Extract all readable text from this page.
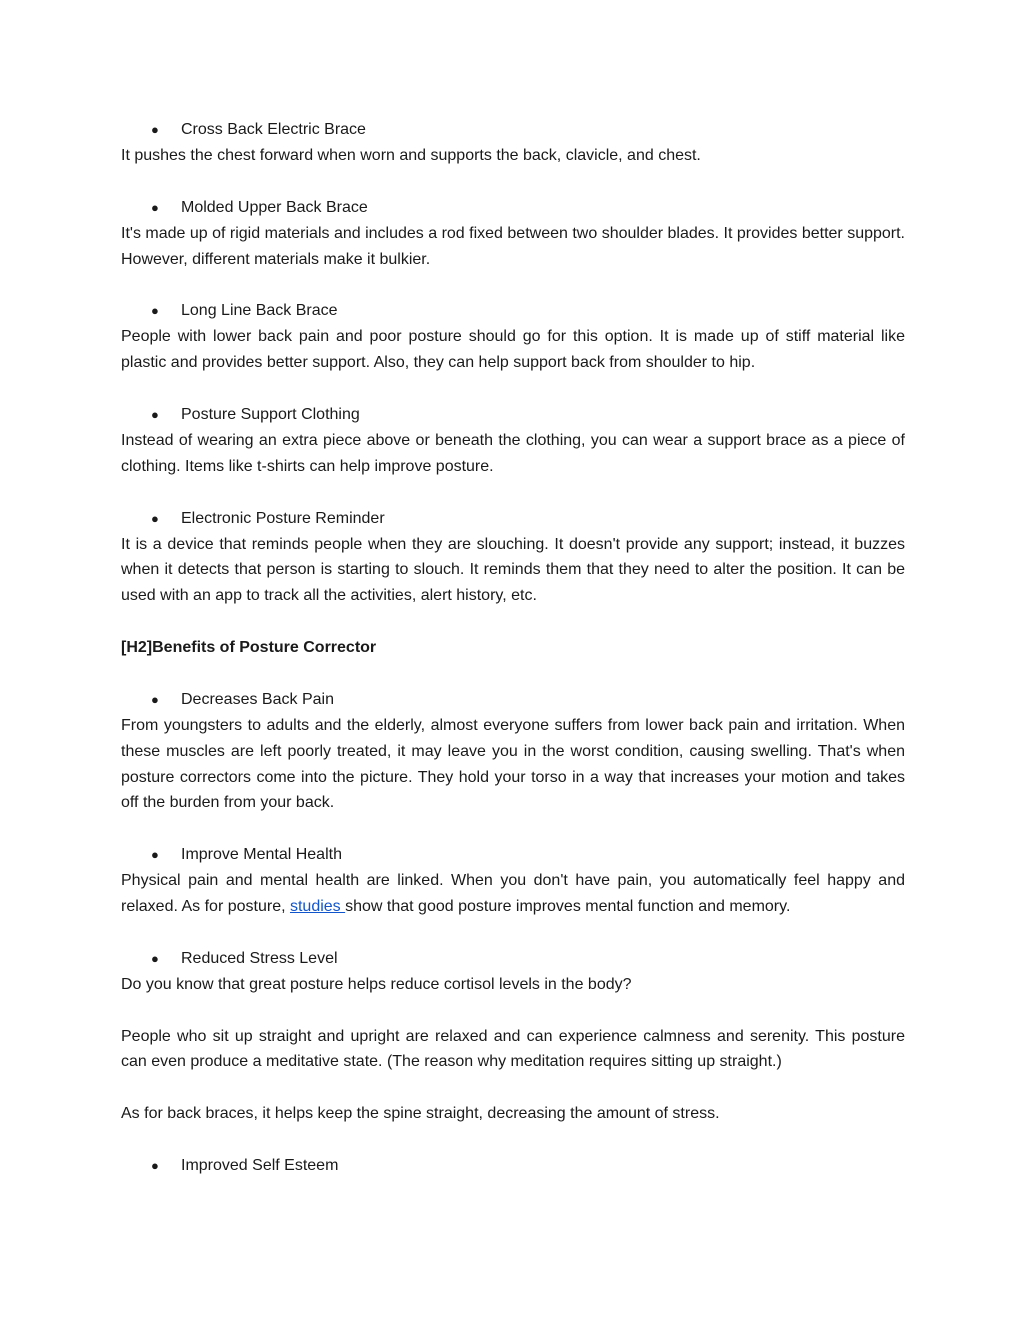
● Cross Back Electric Brace

It pushes the chest forward when worn and supports the back, clavicle, and chest.

● Molded Upper Back Brace

It's made up of rigid materials and includes a rod fixed between two shoulder blades. It provides better support. However, different materials make it bulkier.

● Long Line Back Brace

People with lower back pain and poor posture should go for this option. It is made up of stiff material like plastic and provides better support. Also, they can help support back from shoulder to hip.

● Posture Support Clothing

Instead of wearing an extra piece above or beneath the clothing, you can wear a support brace as a piece of clothing. Items like t-shirts can help improve posture.

● Electronic Posture Reminder

It is a device that reminds people when they are slouching. It doesn't provide any support; instead, it buzzes when it detects that person is starting to slouch. It reminds them that they need to alter the position. It can be used with an app to track all the activities, alert history, etc.

[H2]Benefits of Posture Corrector

● Decreases Back Pain

From youngsters to adults and the elderly, almost everyone suffers from lower back pain and irritation. When these muscles are left poorly treated, it may leave you in the worst condition, causing swelling. That's when posture correctors come into the picture. They hold your torso in a way that increases your motion and takes off the burden from your back.

● Improve Mental Health

Physical pain and mental health are linked. When you don't have pain, you automatically feel happy and relaxed. As for posture, studies show that good posture improves mental function and memory.

● Reduced Stress Level

Do you know that great posture helps reduce cortisol levels in the body?

People who sit up straight and upright are relaxed and can experience calmness and serenity. This posture can even produce a meditative state. (The reason why meditation requires sitting up straight.)

As for back braces, it helps keep the spine straight, decreasing the amount of stress.

● Improved Self Esteem
